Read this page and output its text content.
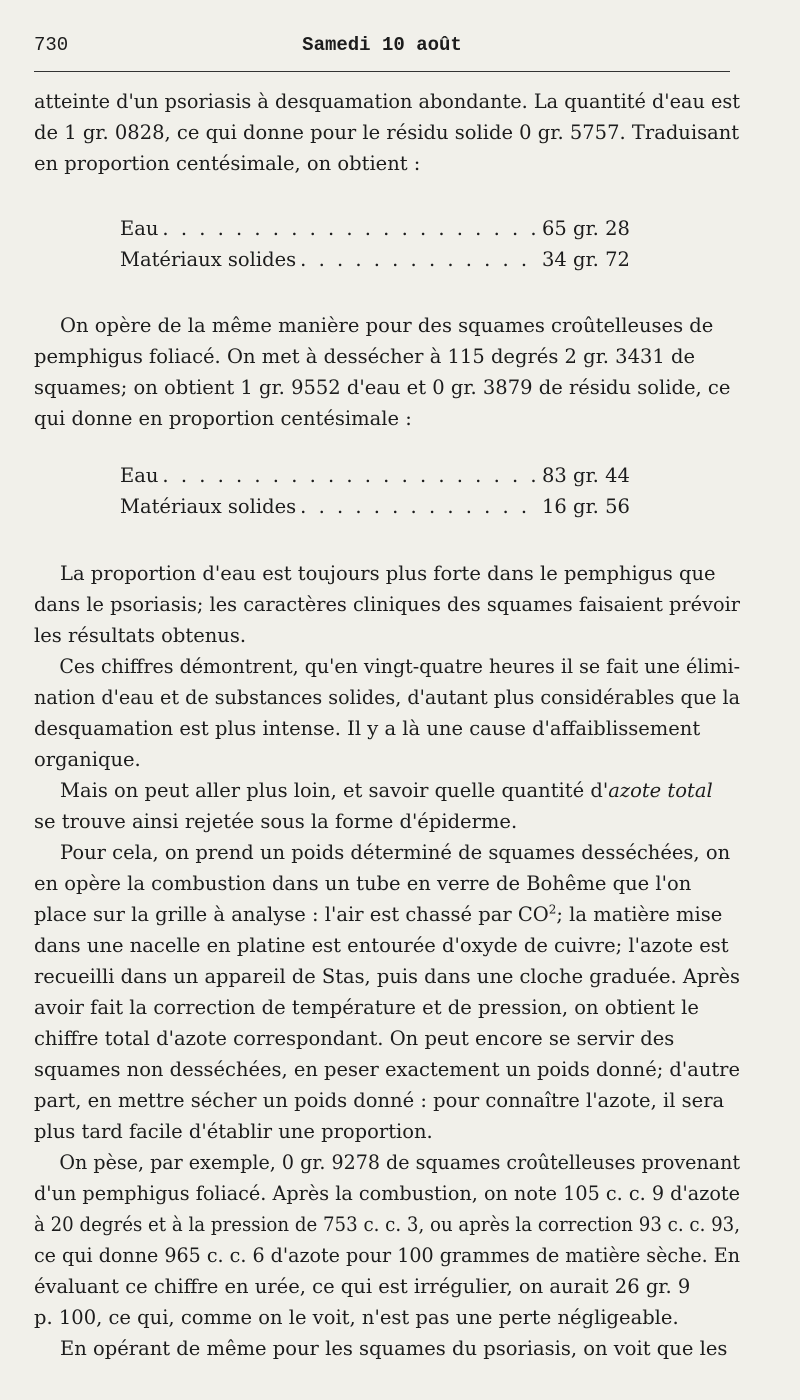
730	Samedi 10 août
atteinte d'un psoriasis à desquamation abondante. La quantité d'eau est
de 1 gr. 0828, ce qui donne pour le résidu solide 0 gr. 5757. Traduisant
en proportion centésimale, on obtient :
Eau . . .	65 gr. 28
Matériaux solides . . .	34 gr. 72
On opère de la même manière pour des squames croûtelleuses de
pemphigus foliacé. On met à dessécher à 115 degrés 2 gr. 3431 de
squames; on obtient 1 gr. 9552 d'eau et 0 gr. 3879 de résidu solide, ce
qui donne en proportion centésimale :
Eau . . .	83 gr. 44
Matériaux solides . . .	16 gr. 56
La proportion d'eau est toujours plus forte dans le pemphigus que
dans le psoriasis; les caractères cliniques des squames faisaient prévoir
les résultats obtenus.
Ces chiffres démontrent, qu'en vingt-quatre heures il se fait une élimi-
nation d'eau et de substances solides, d'autant plus considérables que la
desquamation est plus intense. Il y a là une cause d'affaiblissement
organique.
Mais on peut aller plus loin, et savoir quelle quantité d'azote total
se trouve ainsi rejetée sous la forme d'épiderme.
Pour cela, on prend un poids déterminé de squames desséchées, on
en opère la combustion dans un tube en verre de Bohême que l'on
place sur la grille à analyse : l'air est chassé par $CO^2$; la matière mise
dans une nacelle en platine est entourée d'oxyde de cuivre; l'azote est
recueilli dans un appareil de Stas, puis dans une cloche graduée. Après
avoir fait la correction de température et de pression, on obtient le
chiffre total d'azote correspondant. On peut encore se servir des
squames non desséchées, en peser exactement un poids donné; d'autre
part, en mettre sécher un poids donné : pour connaître l'azote, il sera
plus tard facile d'établir une proportion.
On pèse, par exemple, 0 gr. 9278 de squames croûtelleuses provenant
d'un pemphigus foliacé. Après la combustion, on note 105 c. c. 9 d'azote
à 20 degrés et à la pression de 753 c. c. 3, ou après la correction 93 c. c. 93,
ce qui donne 965 c. c. 6 d'azote pour 100 grammes de matière sèche. En
évaluant ce chiffre en urée, ce qui est irrégulier, on aurait 26 gr. 9
p. 100, ce qui, comme on le voit, n'est pas une perte négligeable.
En opérant de même pour les squames du psoriasis, on voit que les
